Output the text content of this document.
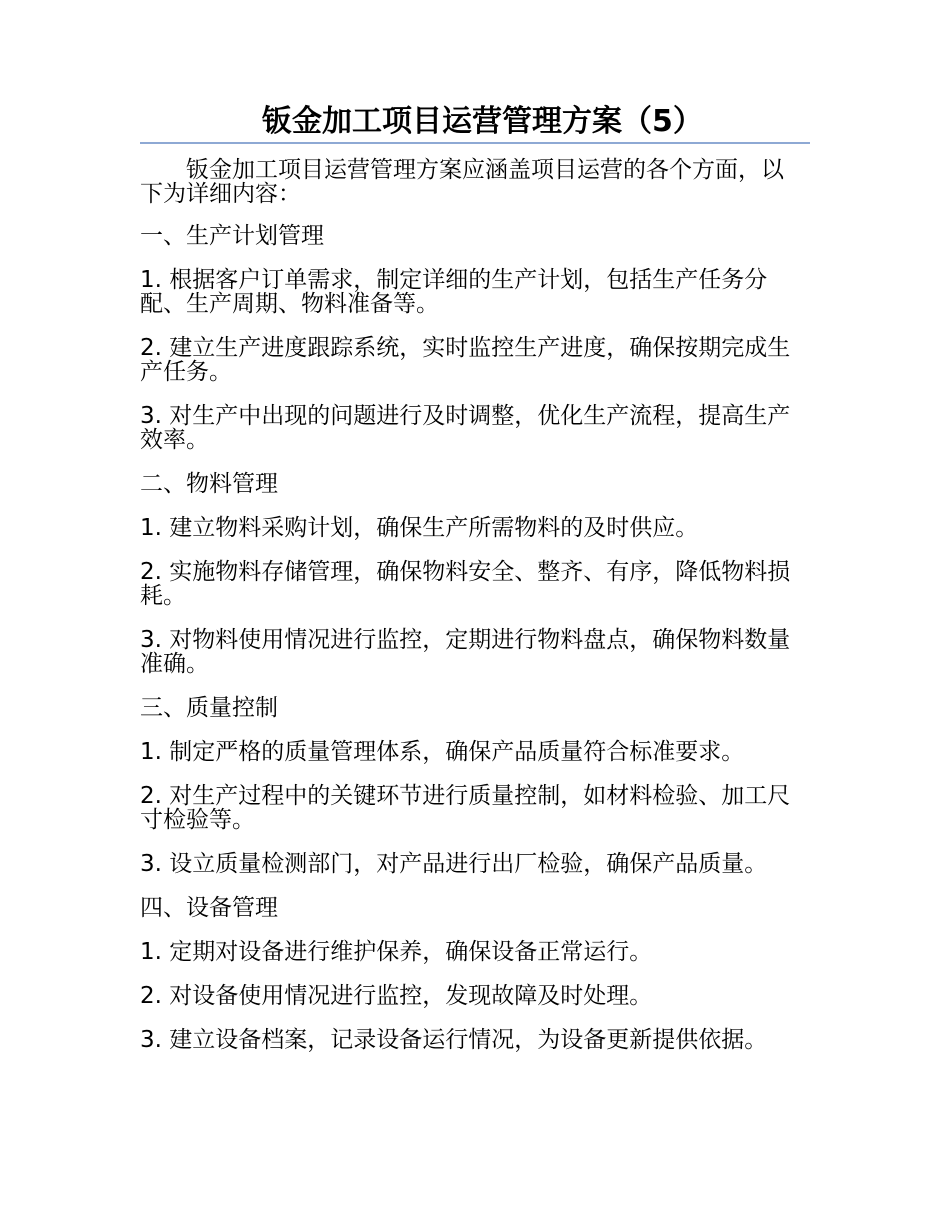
钣金加工项目运营管理方案（5）

钣金加工项目运营管理方案应涵盖项目运营的各个方面，以下为详细内容：

一、生产计划管理

1. 根据客户订单需求，制定详细的生产计划，包括生产任务分配、生产周期、物料准备等。

2. 建立生产进度跟踪系统，实时监控生产进度，确保按期完成生产任务。

3. 对生产中出现的问题进行及时调整，优化生产流程，提高生产效率。

二、物料管理

1. 建立物料采购计划，确保生产所需物料的及时供应。

2. 实施物料存储管理，确保物料安全、整齐、有序，降低物料损耗。

3. 对物料使用情况进行监控，定期进行物料盘点，确保物料数量准确。

三、质量控制

1. 制定严格的质量管理体系，确保产品质量符合标准要求。

2. 对生产过程中的关键环节进行质量控制，如材料检验、加工尺寸检验等。

3. 设立质量检测部门，对产品进行出厂检验，确保产品质量。

四、设备管理

1. 定期对设备进行维护保养，确保设备正常运行。

2. 对设备使用情况进行监控，发现故障及时处理。

3. 建立设备档案，记录设备运行情况，为设备更新提供依据。
